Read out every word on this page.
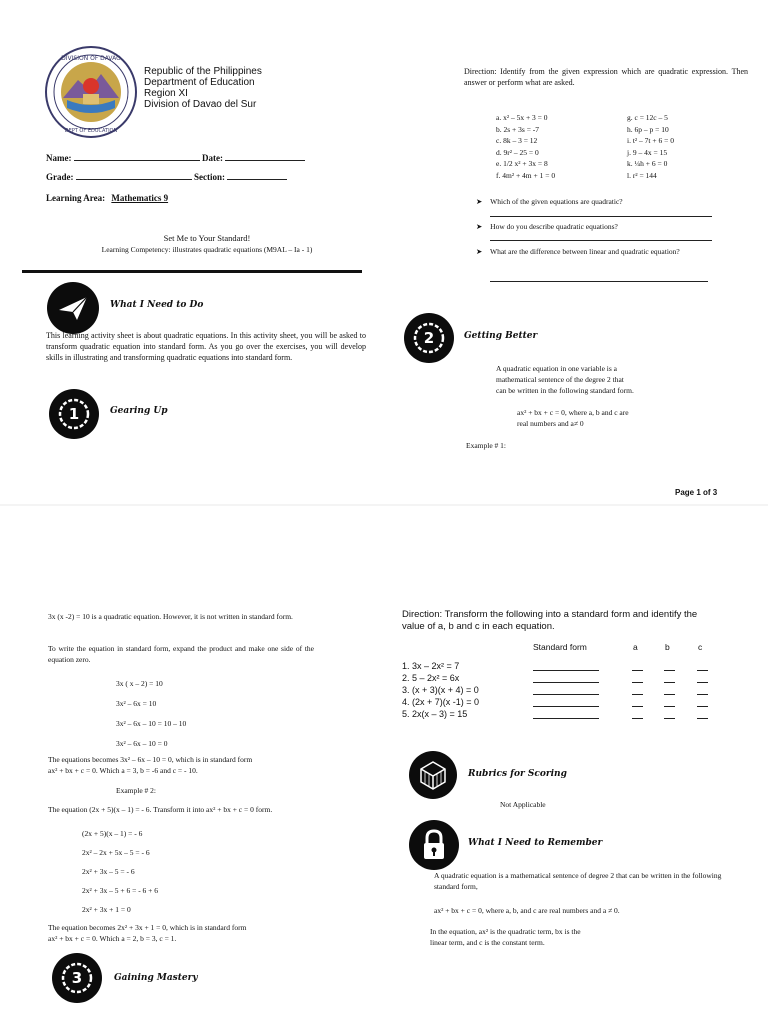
DIVISION OF DAVAO
DEPT OF EDUCATION
Republic of the Philippines
Department of Education
Region XI
Division of Davao del Sur
Name:	Date:
Grade:	Section:
Learning Area: Mathematics 9
Set Me to Your Standard!
Learning Competency: illustrates quadratic equations (M9AL – Ia - 1)
What I Need to Do
This learning activity sheet is about quadratic equations. In this activity sheet, you will be asked to transform quadratic equation into standard form. As you go over the exercises, you will develop skills in illustrating and transforming quadratic equations into standard form.
1	Gearing Up
Direction: Identify from the given expression which are quadratic expression. Then answer or perform what are asked.
a. x² – 5x + 3 = 0
b. 2s + 3s = -7
c. 8k – 3 = 12
d. 9r² – 25 = 0
e. 1/2 x² + 3x = 8
f. 4m² + 4m + 1 = 0
g. c = 12c – 5
h. 6p – p = 10
i. t² – 7t + 6 = 0
j. 9 – 4x = 15
k. ¼h + 6 = 0
l. r² = 144
➤ Which of the given equations are quadratic?
➤ How do you describe quadratic equations?
➤ What are the difference between linear and quadratic equation?
2	Getting Better
A quadratic equation in one variable is a
mathematical sentence of the degree 2 that
can be written in the following standard form.
ax² + bx + c = 0, where a, b and c are
real numbers and a≠ 0
Example # 1:
Page 1 of 3
3x (x -2) = 10 is a quadratic equation. However, it is not written in standard form.
To write the equation in standard form, expand the product and make one side of the equation zero.
3x ( x – 2) = 10
3x² – 6x = 10
3x² – 6x – 10 = 10 – 10
3x² – 6x – 10 = 0
The equations becomes 3x² – 6x – 10 = 0, which is in standard form
ax² + bx + c = 0. Which a = 3, b = -6 and c = - 10.
Example # 2:
The equation (2x + 5)(x – 1) = - 6. Transform it into ax² + bx + c = 0 form.
(2x + 5)(x – 1) = - 6
2x² – 2x + 5x – 5 = - 6
2x² + 3x – 5 = - 6
2x² + 3x – 5 + 6 = - 6 + 6
2x² + 3x + 1 = 0
The equation becomes 2x² + 3x + 1 = 0, which is in standard form
ax² + bx + c = 0. Which a = 2, b = 3, c = 1.
3	Gaining Mastery
Direction: Transform the following into a standard form and identify the value of a, b and c in each equation.
Standard form	a	b	c
1. 3x – 2x² = 7
2. 5 – 2x² = 6x
3. (x + 3)(x + 4) = 0
4. (2x + 7)(x -1) = 0
5. 2x(x – 3) = 15
Rubrics for Scoring
Not Applicable
What I Need to Remember
A quadratic equation is a mathematical sentence of degree 2 that can be written in the following standard form,
ax² + bx + c = 0, where a, b, and c are real numbers and a ≠ 0.
In the equation, ax² is the quadratic term, bx is the
linear term, and c is the constant term.
